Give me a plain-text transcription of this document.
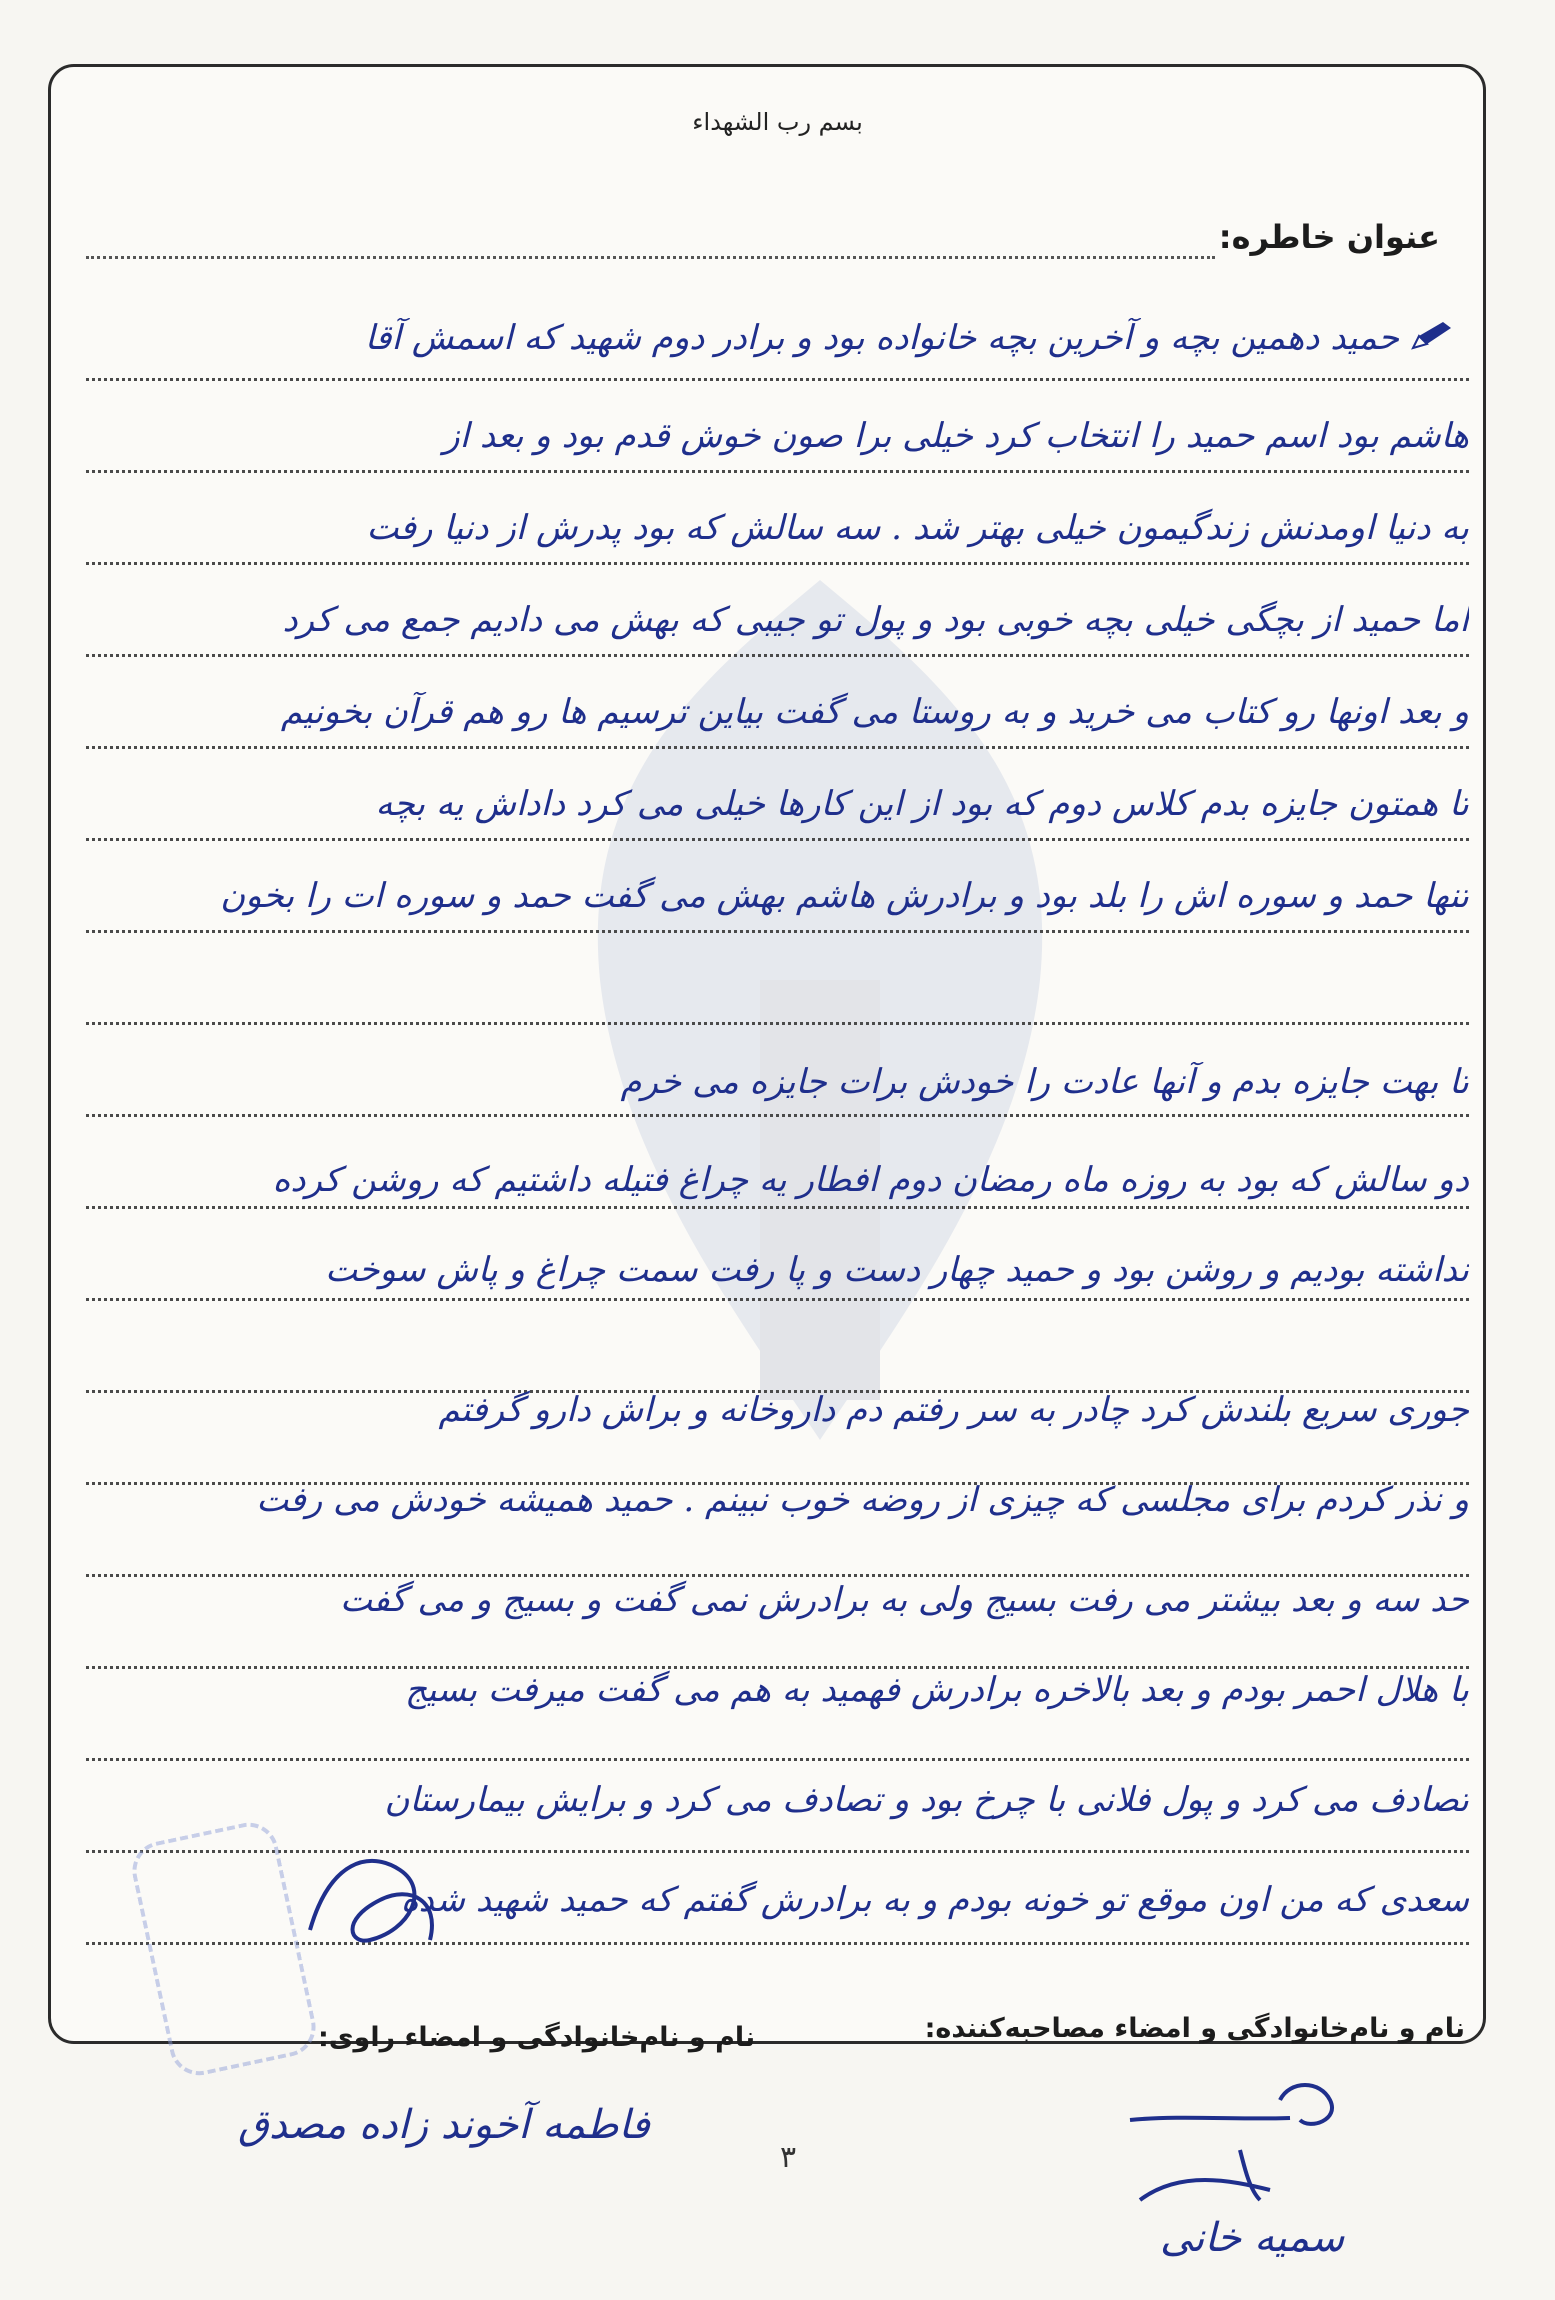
بسم رب الشهداء
عنوان خاطره:
حمید دهمین بچه و آخرین بچه خانواده بود و برادر دوم شهید که اسمش آقا
هاشم بود اسم حمید را انتخاب کرد خیلی برا صون خوش قدم بود و بعد از
به دنیا اومدنش زندگیمون خیلی بهتر شد . سه سالش که بود پدرش از دنیا رفت
اما حمید از بچگی خیلی بچه خوبی بود و پول تو جیبی که بهش می دادیم جمع می کرد
و بعد اونها رو کتاب می خرید و به روستا می گفت بیاین ترسیم ها رو هم قرآن بخونیم
تا همتون جایزه بدم کلاس دوم که بود از این کارها خیلی می کرد داداش یه بچه
تنها حمد و سوره اش را بلد بود و برادرش هاشم بهش می گفت حمد و سوره ات را بخون
تا بهت جایزه بدم و آنها عادت را خودش برات جایزه می خرم
دو سالش که بود به روزه ماه رمضان دوم افطار یه چراغ فتیله داشتیم که روشن کرده
نداشته بودیم و روشن بود و حمید چهار دست و پا رفت سمت چراغ و پاش سوخت
جوری سریع بلندش کرد چادر به سر رفتم دم داروخانه و براش دارو گرفتم
و نذر کردم برای مجلسی که چیزی از روضه خوب نبینم . حمید همیشه خودش می رفت
حد سه و بعد بیشتر می رفت بسیج ولی به برادرش نمی گفت و بسیج و می گفت
با هلال احمر بودم و بعد بالاخره برادرش فهمید به هم می گفت میرفت بسیج
تصادف می کرد و پول فلانی با چرخ بود و تصادف می کرد و برایش بیمارستان
سعدی که من اون موقع تو خونه بودم و به برادرش گفتم که حمید شهید شده
نام و نام‌خانوادگی و امضاء راوی:	نام و نام‌خانوادگی و امضاء مصاحبه‌کننده:
فاطمه آخوند زاده مصدق
سمیه خانی
۳
